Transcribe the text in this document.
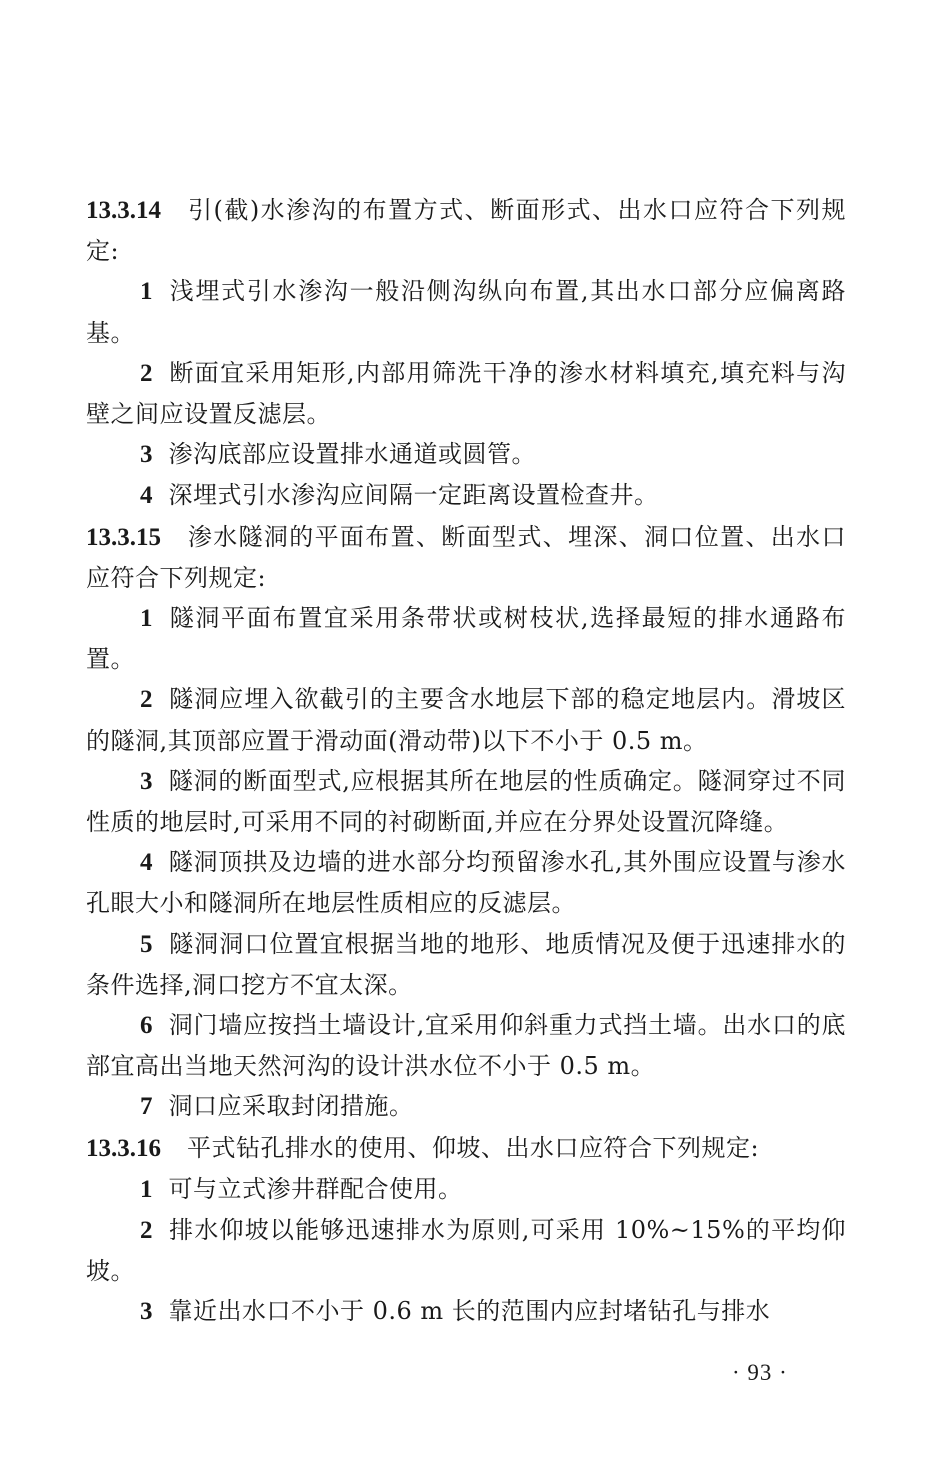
13.3.14 引(截)水渗沟的布置方式、断面形式、出水口应符合下列规定:

1 浅埋式引水渗沟一般沿侧沟纵向布置,其出水口部分应偏离路基。

2 断面宜采用矩形,内部用筛洗干净的渗水材料填充,填充料与沟壁之间应设置反滤层。

3 渗沟底部应设置排水通道或圆管。

4 深埋式引水渗沟应间隔一定距离设置检查井。

13.3.15 渗水隧洞的平面布置、断面型式、埋深、洞口位置、出水口应符合下列规定:

1 隧洞平面布置宜采用条带状或树枝状,选择最短的排水通路布置。

2 隧洞应埋入欲截引的主要含水地层下部的稳定地层内。滑坡区的隧洞,其顶部应置于滑动面(滑动带)以下不小于 0.5 m。

3 隧洞的断面型式,应根据其所在地层的性质确定。隧洞穿过不同性质的地层时,可采用不同的衬砌断面,并应在分界处设置沉降缝。

4 隧洞顶拱及边墙的进水部分均预留渗水孔,其外围应设置与渗水孔眼大小和隧洞所在地层性质相应的反滤层。

5 隧洞洞口位置宜根据当地的地形、地质情况及便于迅速排水的条件选择,洞口挖方不宜太深。

6 洞门墙应按挡土墙设计,宜采用仰斜重力式挡土墙。出水口的底部宜高出当地天然河沟的设计洪水位不小于 0.5 m。

7 洞口应采取封闭措施。

13.3.16 平式钻孔排水的使用、仰坡、出水口应符合下列规定:

1 可与立式渗井群配合使用。

2 排水仰坡以能够迅速排水为原则,可采用 10%~15%的平均仰坡。

3 靠近出水口不小于 0.6 m 长的范围内应封堵钻孔与排水

· 93 ·
